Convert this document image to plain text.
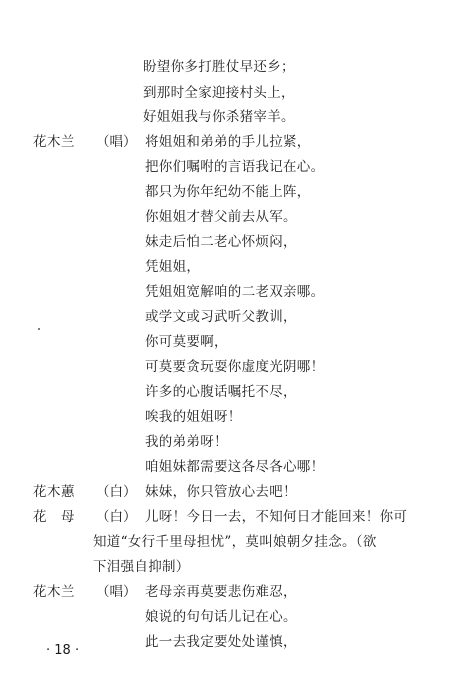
盼望你多打胜仗早还乡；
到那时全家迎接村头上，
好姐姐我与你杀猪宰羊。
花木兰 （唱） 将姐姐和弟弟的手儿拉紧，
把你们嘱咐的言语我记在心。
都只为你年纪幼不能上阵，
你姐姐才替父前去从军。
妹走后怕二老心怀烦闷，
凭姐姐，
凭姐姐宽解咱的二老双亲哪。
或学文或习武听父教训，
你可莫要啊，
可莫要贪玩耍你虚度光阴哪！
许多的心腹话嘱托不尽，
唉我的姐姐呀！
我的弟弟呀！
咱姐妹都需要这各尽各心哪！
花木蕙 （白） 妹妹，你只管放心去吧！
花　母 （白） 儿呀！今日一去，不知何日才能回来！你可
知道“女行千里母担忧”，莫叫娘朝夕挂念。（欲
下泪强自抑制）
花木兰 （唱） 老母亲再莫要悲伤难忍，
娘说的句句话儿记在心。
此一去我定要处处谨慎，
· 18 ·
